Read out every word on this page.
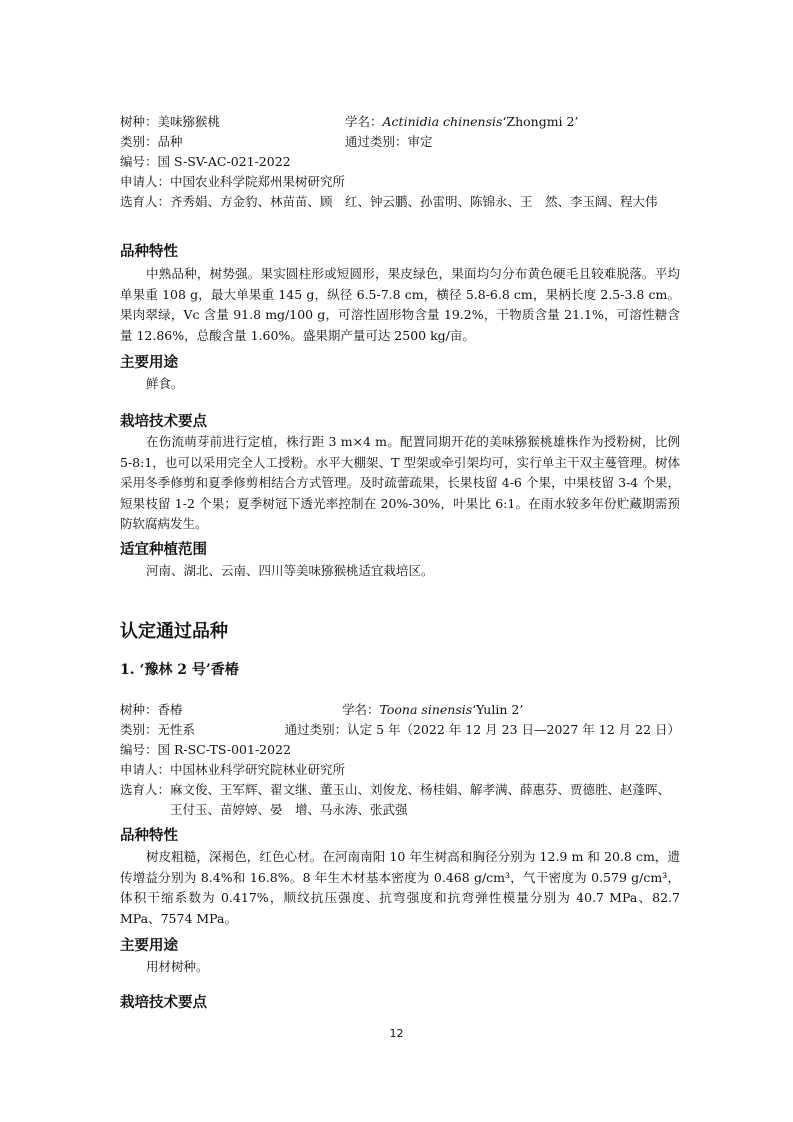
树种：美味猕猴桃	学名：Actinidia chinensis‘Zhongmi 2’
类别：品种	通过类别：审定
编号：国 S-SV-AC-021-2022
申请人：中国农业科学院郑州果树研究所
选育人： 齐秀娟、方金豹、林苗苗、顾　红、钟云鹏、孙雷明、陈锦永、王　然、李玉阔、程大伟
品种特性

中熟品种，树势强。果实圆柱形或短圆形，果皮绿色，果面均匀分布黄色硬毛且较难脱落。平均单果重 108 g，最大单果重 145 g，纵径 6.5-7.8 cm，横径 5.8-6.8 cm，果柄长度 2.5-3.8 cm。果肉翠绿，Vc 含量 91.8 mg/100 g，可溶性固形物含量 19.2%，干物质含量 21.1%，可溶性糖含量 12.86%，总酸含量 1.60%。盛果期产量可达 2500 kg/亩。

主要用途

鲜食。

栽培技术要点

在伤流萌芽前进行定植，株行距 3 m×4 m。配置同期开花的美味猕猴桃雄株作为授粉树，比例 5-8:1，也可以采用完全人工授粉。水平大棚架、T 型架或牵引架均可，实行单主干双主蔓管理。树体采用冬季修剪和夏季修剪相结合方式管理。及时疏蕾疏果，长果枝留 4-6 个果，中果枝留 3-4 个果，短果枝留 1-2 个果；夏季树冠下透光率控制在 20%-30%，叶果比 6:1。在雨水较多年份贮藏期需预防软腐病发生。

适宜种植范围

河南、湖北、云南、四川等美味猕猴桃适宜栽培区。

认定通过品种
1. ‘豫林 2 号’香椿
树种：香椿	学名：Toona sinensis‘Yulin 2’
类别：无性系	通过类别：认定 5 年（2022 年 12 月 23 日—2027 年 12 月 22 日）
编号：国 R-SC-TS-001-2022
申请人：中国林业科学研究院林业研究所
选育人： 麻文俊、王军辉、翟文继、董玉山、刘俊龙、杨桂娟、解孝满、薛惠芬、贾德胜、赵蓬晖、王付玉、苗婷婷、晏　增、马永涛、张武强
品种特性

树皮粗糙，深褐色，红色心材。在河南南阳 10 年生树高和胸径分别为 12.9 m 和 20.8 cm，遗传增益分别为 8.4%和 16.8%。8 年生木材基本密度为 0.468 g/cm³，气干密度为 0.579 g/cm³，体积干缩系数为 0.417%，顺纹抗压强度、抗弯强度和抗弯弹性模量分别为 40.7 MPa、82.7 MPa、7574 MPa。

主要用途

用材树种。

栽培技术要点
12
